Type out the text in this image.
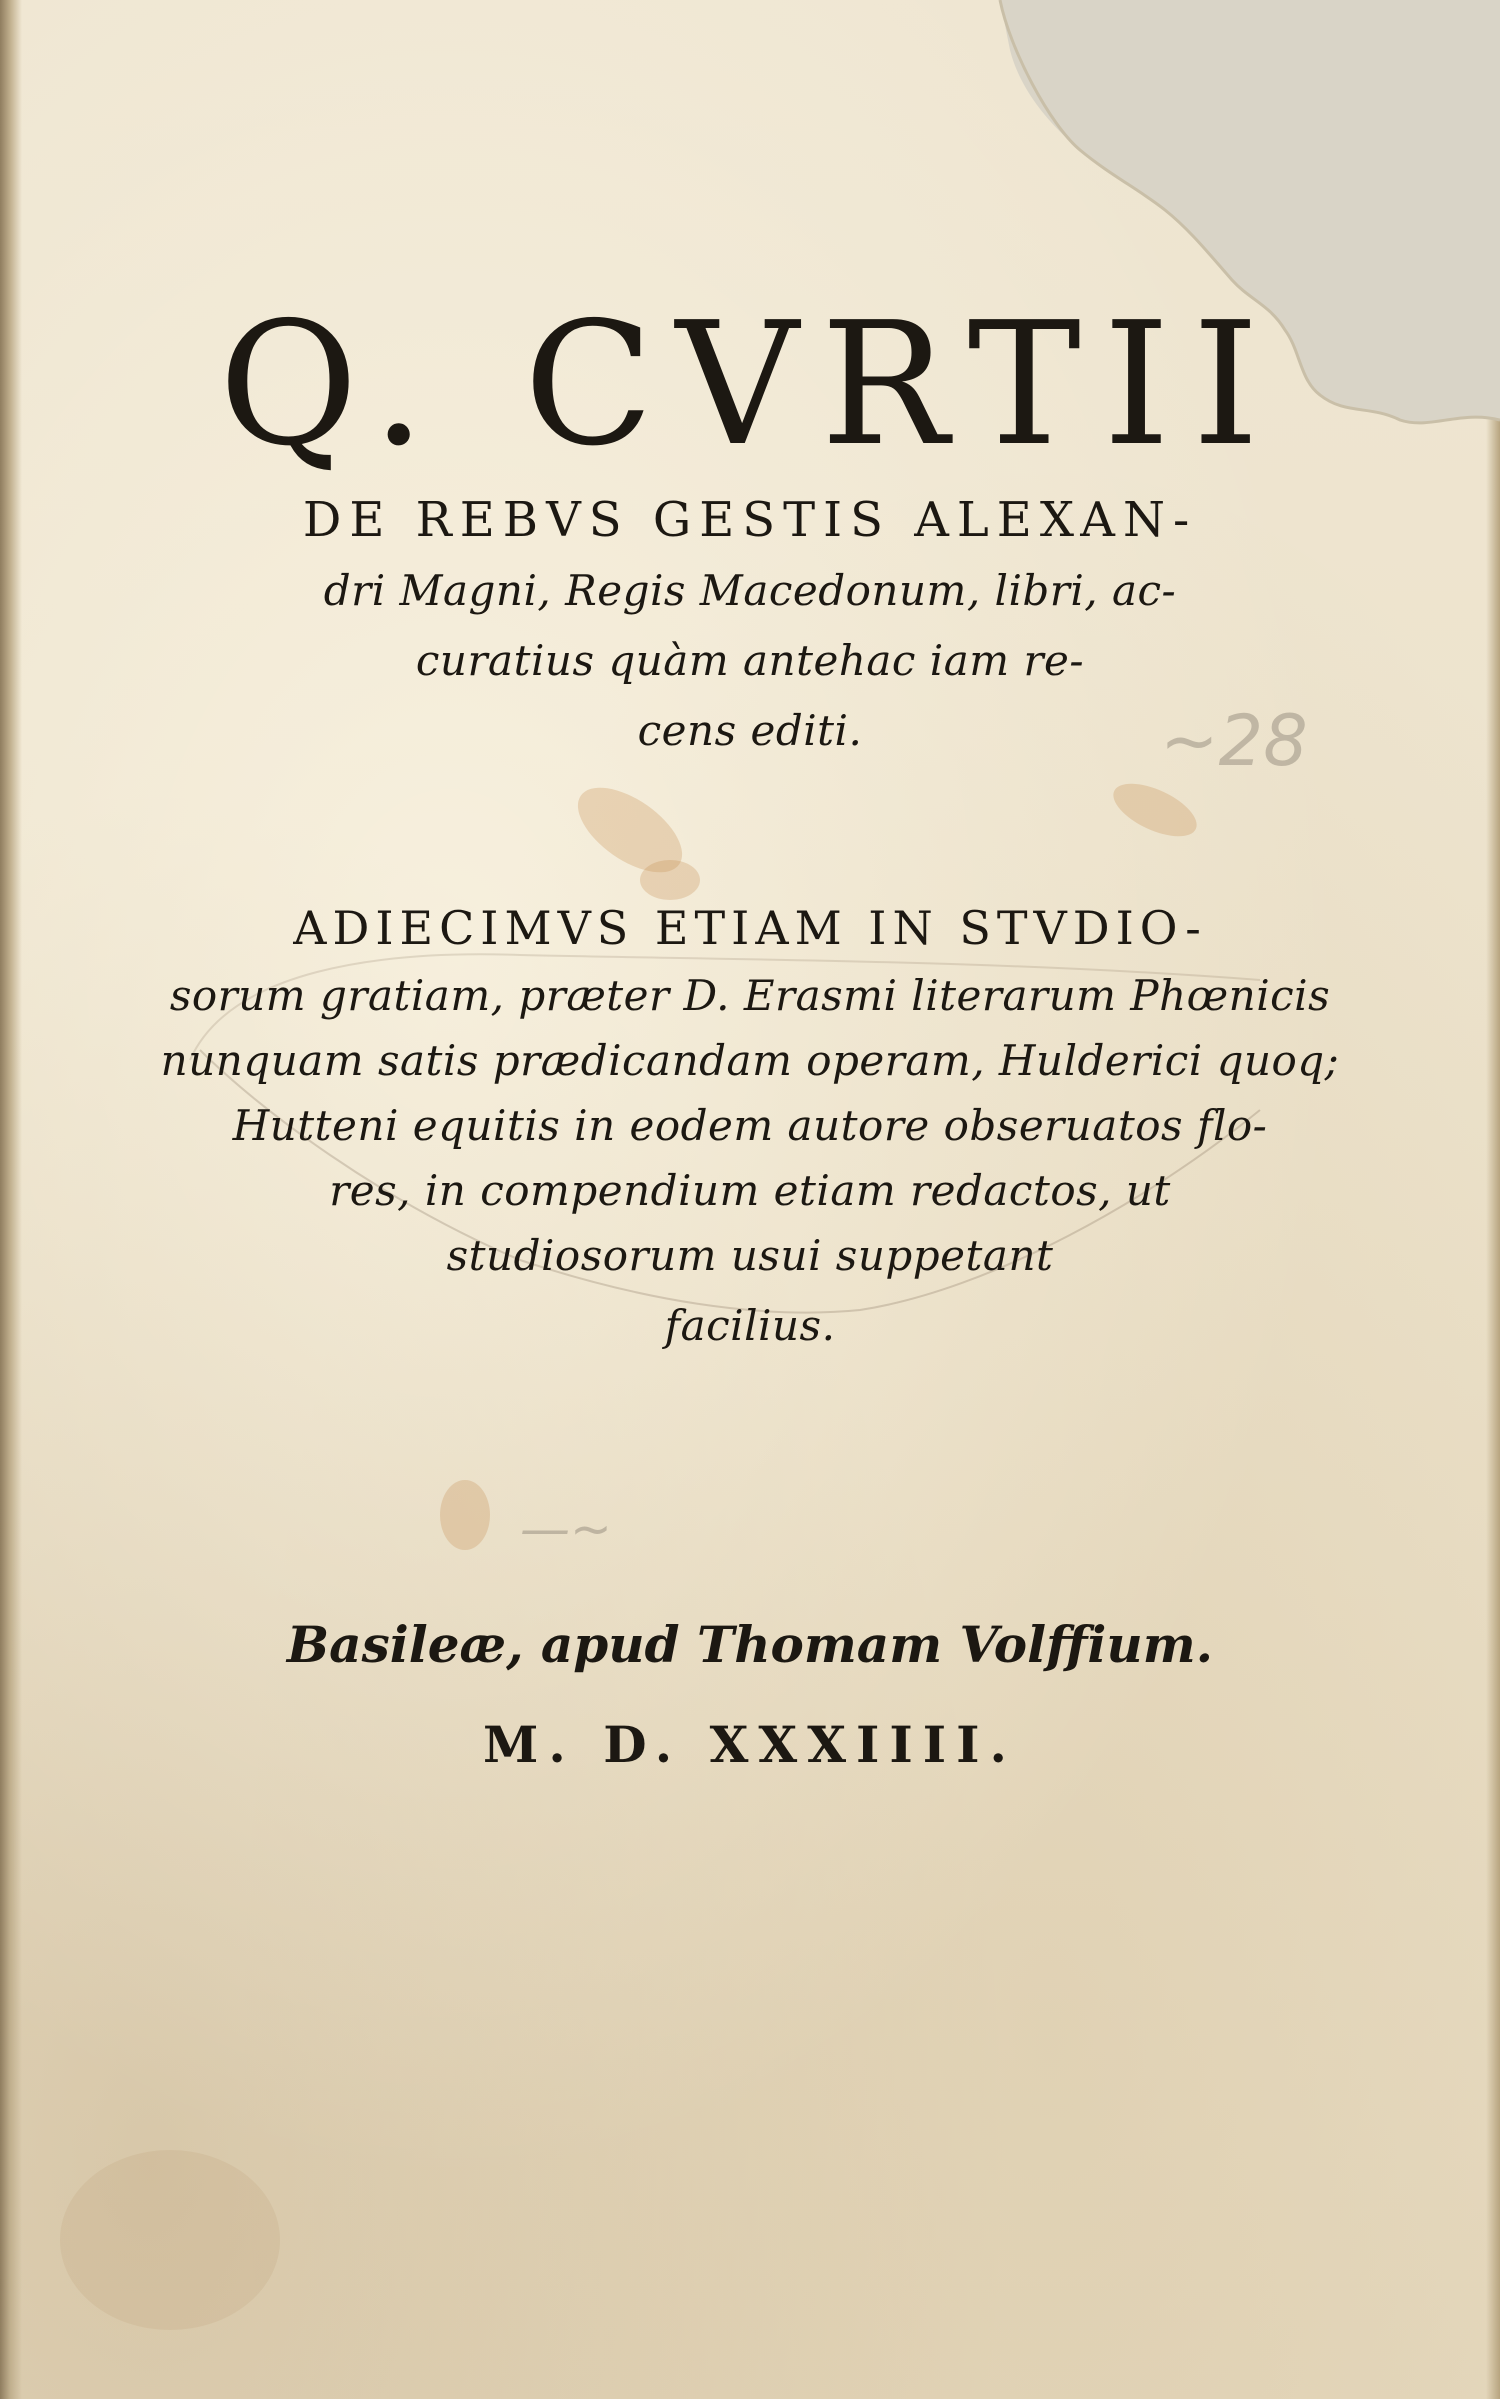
~28
—~
Q. CVRTII
DE REBVS GESTIS ALEXAN-
dri Magni, Regis Macedonum, libri, ac-
curatius quàm antehac iam re-
cens editi.
ADIECIMVS ETIAM IN STVDIO-
sorum gratiam, præter D. Erasmi literarum Phœnicis
nunquam satis prædicandam operam, Hulderici quoq;
Hutteni equitis in eodem autore obseruatos flo-
res, in compendium etiam redactos, ut
studiosorum usui suppetant
facilius.
Basileæ, apud Thomam Volffium.
M. D. XXXIIII.
